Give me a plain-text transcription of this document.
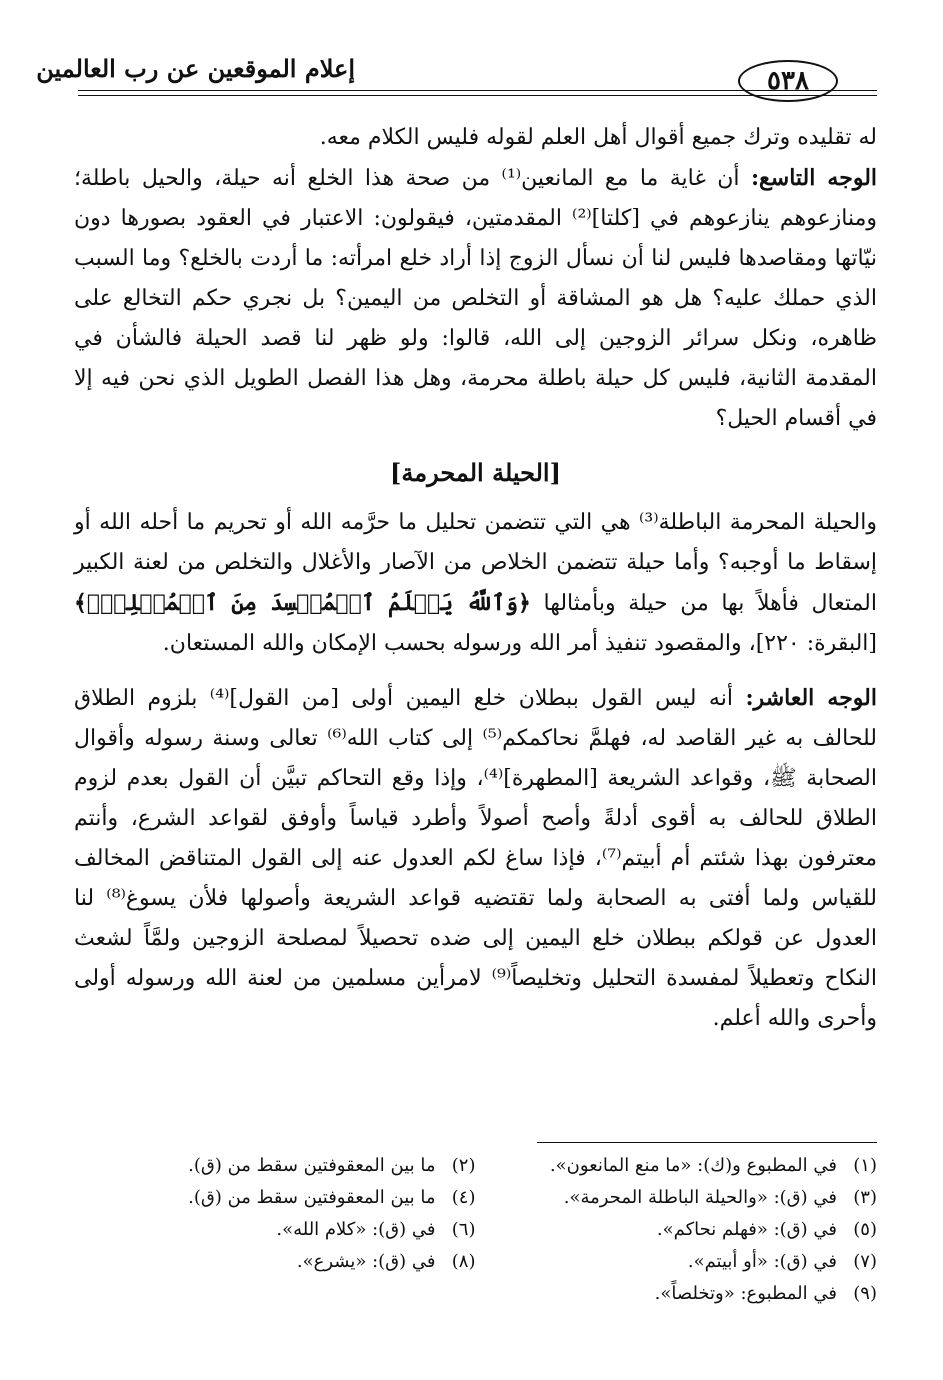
٥٣٨
إعلام الموقعين عن رب العالمين

له تقليده وترك جميع أقوال أهل العلم لقوله فليس الكلام معه.

الوجه التاسع: أن غاية ما مع المانعين⁽¹⁾ من صحة هذا الخلع أنه حيلة، والحيل باطلة؛ ومنازعوهم ينازعوهم في [كلتا]⁽²⁾ المقدمتين، فيقولون: الاعتبار في العقود بصورها دون نيّاتها ومقاصدها فليس لنا أن نسأل الزوج إذا أراد خلع امرأته: ما أردت بالخلع؟ وما السبب الذي حملك عليه؟ هل هو المشاقة أو التخلص من اليمين؟ بل نجري حكم التخالع على ظاهره، ونكل سرائر الزوجين إلى الله، قالوا: ولو ظهر لنا قصد الحيلة فالشأن في المقدمة الثانية، فليس كل حيلة باطلة محرمة، وهل هذا الفصل الطويل الذي نحن فيه إلا في أقسام الحيل؟

[الحيلة المحرمة]

والحيلة المحرمة الباطلة⁽³⁾ هي التي تتضمن تحليل ما حرَّمه الله أو تحريم ما أحله الله أو إسقاط ما أوجبه؟ وأما حيلة تتضمن الخلاص من الآصار والأغلال والتخلص من لعنة الكبير المتعال فأهلاً بها من حيلة وبأمثالها ﴿وَٱللَّهُ يَعۡلَمُ ٱلۡمُفۡسِدَ مِنَ ٱلۡمُصۡلِحِۚ﴾ [البقرة: ٢٢٠]، والمقصود تنفيذ أمر الله ورسوله بحسب الإمكان والله المستعان.

الوجه العاشر: أنه ليس القول ببطلان خلع اليمين أولى [من القول]⁽⁴⁾ بلزوم الطلاق للحالف به غير القاصد له، فهلمَّ نحاكمكم⁽⁵⁾ إلى كتاب الله⁽⁶⁾ تعالى وسنة رسوله وأقوال الصحابة ﷺ، وقواعد الشريعة [المطهرة]⁽⁴⁾، وإذا وقع التحاكم تبيَّن أن القول بعدم لزوم الطلاق للحالف به أقوى أدلةً وأصح أصولاً وأطرد قياساً وأوفق لقواعد الشرع، وأنتم معترفون بهذا شئتم أم أبيتم⁽⁷⁾، فإذا ساغ لكم العدول عنه إلى القول المتناقض المخالف للقياس ولما أفتى به الصحابة ولما تقتضيه قواعد الشريعة وأصولها فلأن يسوغ⁽⁸⁾ لنا العدول عن قولكم ببطلان خلع اليمين إلى ضده تحصيلاً لمصلحة الزوجين ولمَّاً لشعث النكاح وتعطيلاً لمفسدة التحليل وتخليصاً⁽⁹⁾ لامرأين مسلمين من لعنة الله ورسوله أولى وأحرى والله أعلم.

(١)في المطبوع و(ك): «ما منع المانعون».
(٢)ما بين المعقوفتين سقط من (ق).
(٣)في (ق): «والحيلة الباطلة المحرمة».
(٤)ما بين المعقوفتين سقط من (ق).
(٥)في (ق): «فهلم نحاكم».
(٦)في (ق): «كلام الله».
(٧)في (ق): «أو أبيتم».
(٨)في (ق): «يشرع».
(٩)في المطبوع: «وتخلصاً».
